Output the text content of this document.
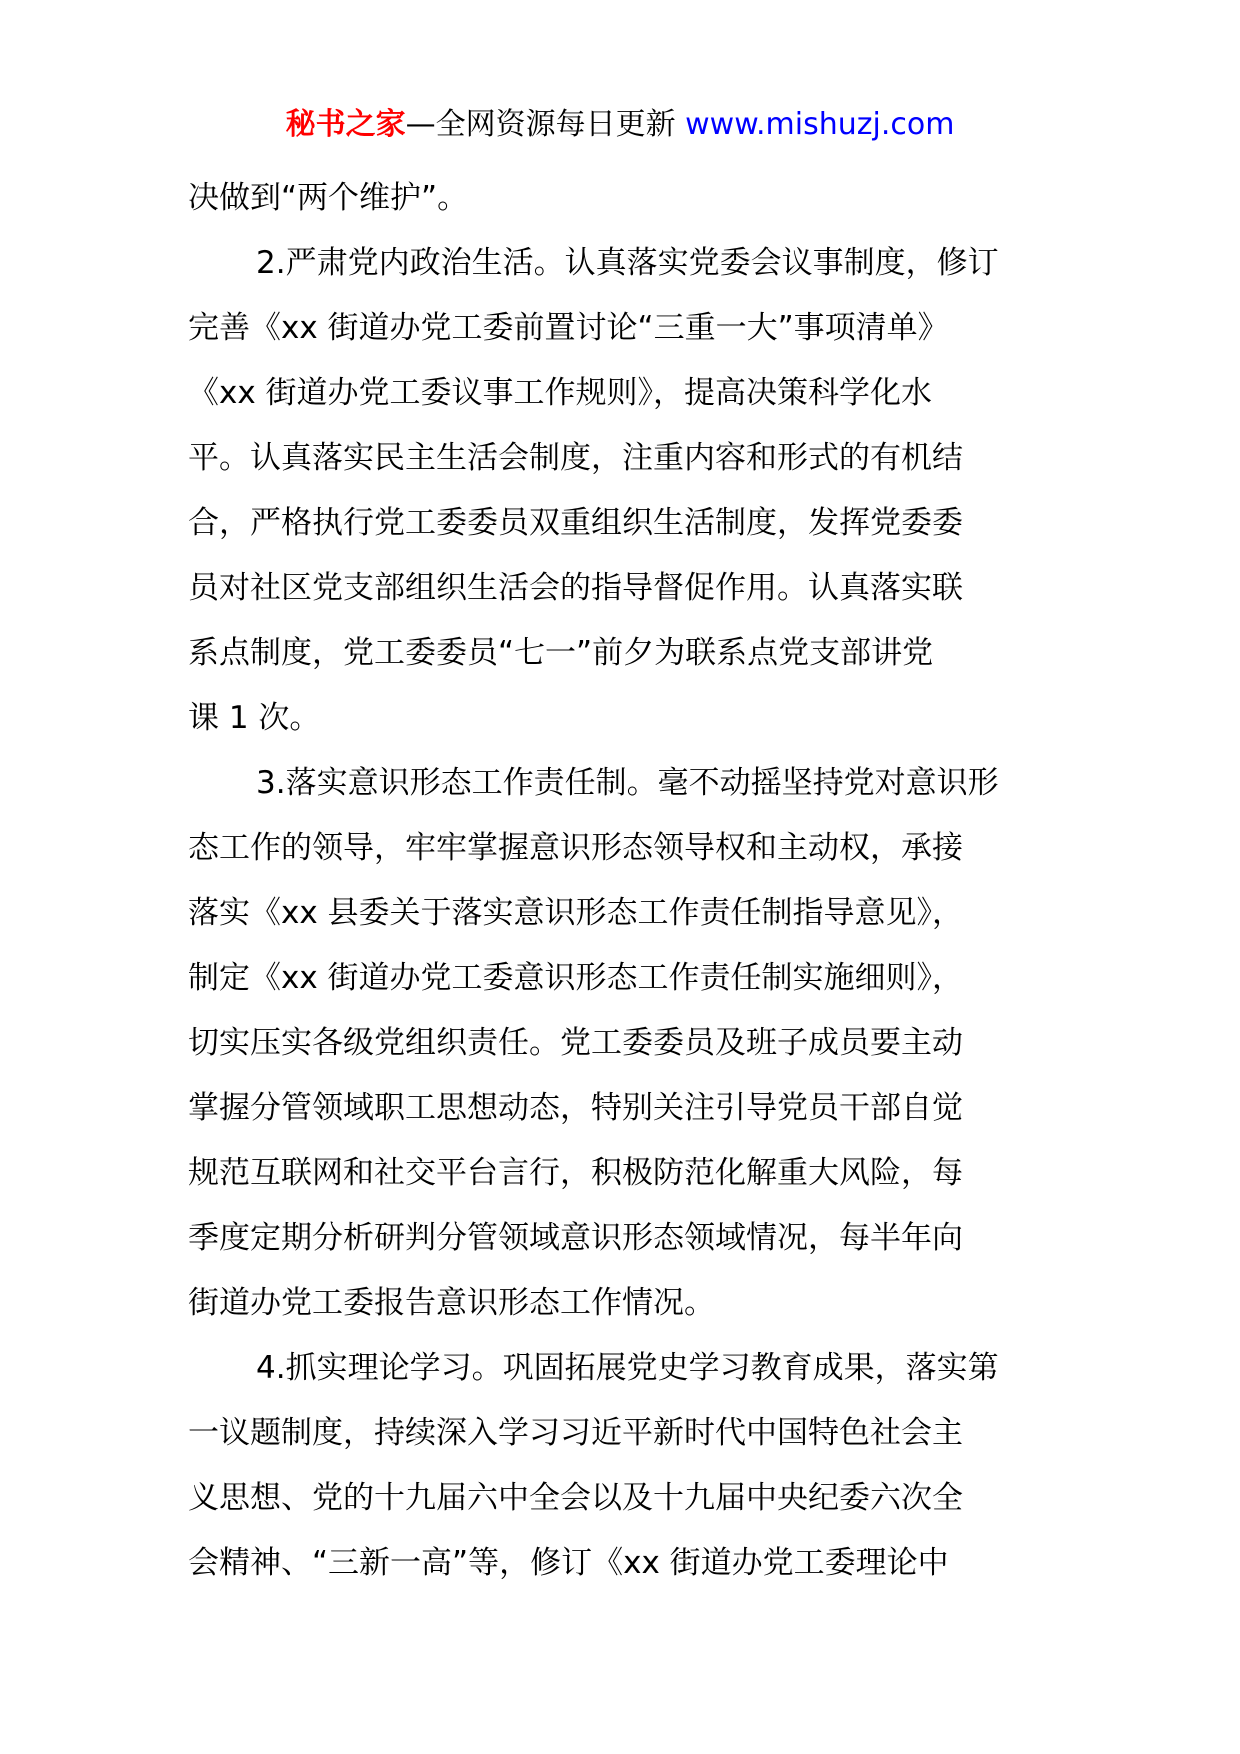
秘书之家—全网资源每日更新 www.mishuzj.com
决做到“两个维护”。
2.严肃党内政治生活。认真落实党委会议事制度，修订
完善《xx 街道办党工委前置讨论“三重一大”事项清单》
《xx 街道办党工委议事工作规则》，提高决策科学化水
平。认真落实民主生活会制度，注重内容和形式的有机结
合，严格执行党工委委员双重组织生活制度，发挥党委委
员对社区党支部组织生活会的指导督促作用。认真落实联
系点制度，党工委委员“七一”前夕为联系点党支部讲党
课 1 次。
3.落实意识形态工作责任制。毫不动摇坚持党对意识形
态工作的领导，牢牢掌握意识形态领导权和主动权，承接
落实《xx 县委关于落实意识形态工作责任制指导意见》，
制定《xx 街道办党工委意识形态工作责任制实施细则》，
切实压实各级党组织责任。党工委委员及班子成员要主动
掌握分管领域职工思想动态，特别关注引导党员干部自觉
规范互联网和社交平台言行，积极防范化解重大风险，每
季度定期分析研判分管领域意识形态领域情况，每半年向
街道办党工委报告意识形态工作情况。
4.抓实理论学习。巩固拓展党史学习教育成果，落实第
一议题制度，持续深入学习习近平新时代中国特色社会主
义思想、党的十九届六中全会以及十九届中央纪委六次全
会精神、“三新一高”等，修订《xx 街道办党工委理论中
